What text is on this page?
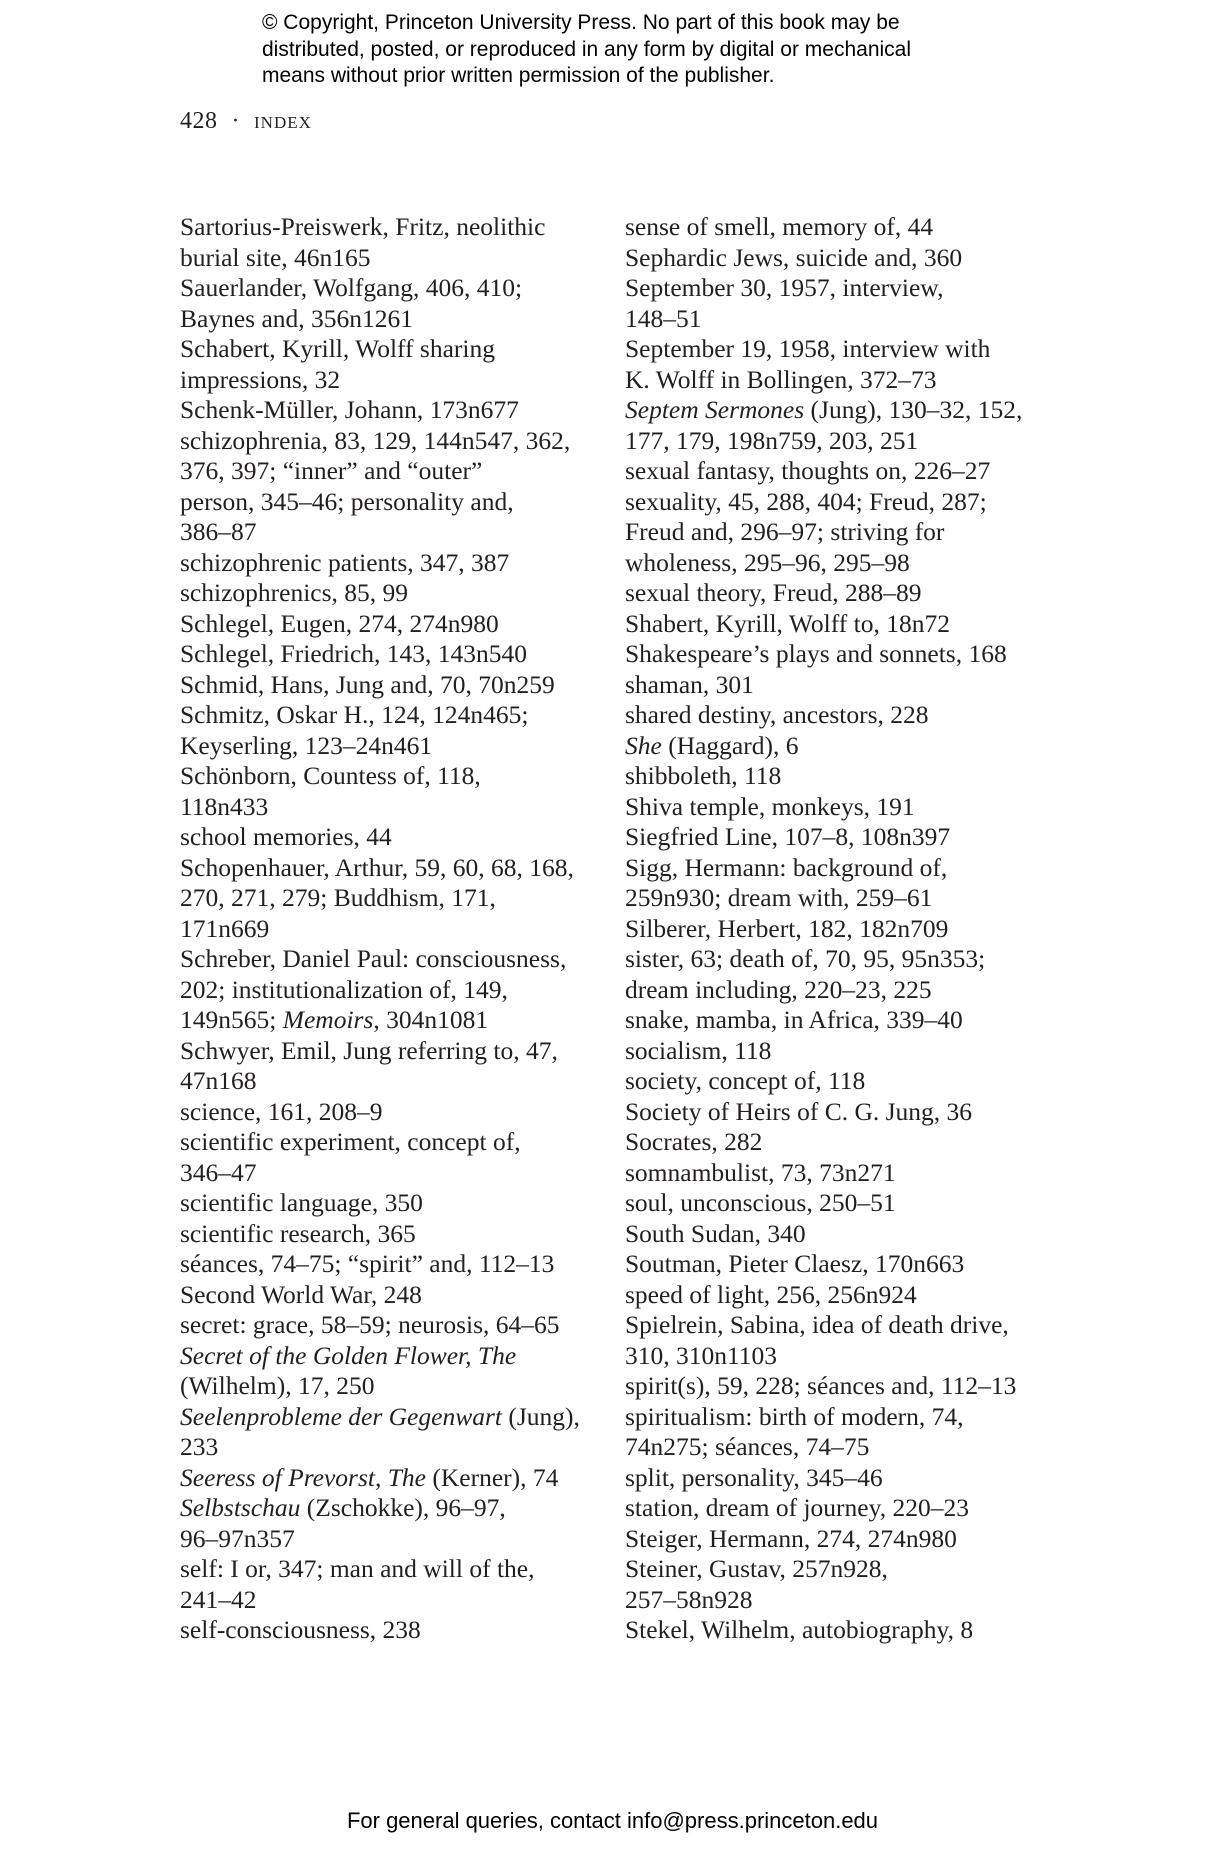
© Copyright, Princeton University Press. No part of this book may be
distributed, posted, or reproduced in any form by digital or mechanical
means without prior written permission of the publisher.
428 · index
Sartorius-Preiswerk, Fritz, neolithic
burial site, 46n165
Sauerlander, Wolfgang, 406, 410;
Baynes and, 356n1261
Schabert, Kyrill, Wolff sharing
impressions, 32
Schenk-Müller, Johann, 173n677
schizophrenia, 83, 129, 144n547, 362,
376, 397; “inner” and “outer”
person, 345–46; personality and,
386–87
schizophrenic patients, 347, 387
schizophrenics, 85, 99
Schlegel, Eugen, 274, 274n980
Schlegel, Friedrich, 143, 143n540
Schmid, Hans, Jung and, 70, 70n259
Schmitz, Oskar H., 124, 124n465;
Keyserling, 123–24n461
Schönborn, Countess of, 118,
118n433
school memories, 44
Schopenhauer, Arthur, 59, 60, 68, 168,
270, 271, 279; Buddhism, 171,
171n669
Schreber, Daniel Paul: consciousness,
202; institutionalization of, 149,
149n565; Memoirs, 304n1081
Schwyer, Emil, Jung referring to, 47,
47n168
science, 161, 208–9
scientific experiment, concept of,
346–47
scientific language, 350
scientific research, 365
séances, 74–75; “spirit” and, 112–13
Second World War, 248
secret: grace, 58–59; neurosis, 64–65
Secret of the Golden Flower, The
(Wilhelm), 17, 250
Seelenprobleme der Gegenwart (Jung),
233
Seeress of Prevorst, The (Kerner), 74
Selbstschau (Zschokke), 96–97,
96–97n357
self: I or, 347; man and will of the,
241–42
self-consciousness, 238
sense of smell, memory of, 44
Sephardic Jews, suicide and, 360
September 30, 1957, interview,
148–51
September 19, 1958, interview with
K. Wolff in Bollingen, 372–73
Septem Sermones (Jung), 130–32, 152,
177, 179, 198n759, 203, 251
sexual fantasy, thoughts on, 226–27
sexuality, 45, 288, 404; Freud, 287;
Freud and, 296–97; striving for
wholeness, 295–96, 295–98
sexual theory, Freud, 288–89
Shabert, Kyrill, Wolff to, 18n72
Shakespeare’s plays and sonnets, 168
shaman, 301
shared destiny, ancestors, 228
She (Haggard), 6
shibboleth, 118
Shiva temple, monkeys, 191
Siegfried Line, 107–8, 108n397
Sigg, Hermann: background of,
259n930; dream with, 259–61
Silberer, Herbert, 182, 182n709
sister, 63; death of, 70, 95, 95n353;
dream including, 220–23, 225
snake, mamba, in Africa, 339–40
socialism, 118
society, concept of, 118
Society of Heirs of C. G. Jung, 36
Socrates, 282
somnambulist, 73, 73n271
soul, unconscious, 250–51
South Sudan, 340
Soutman, Pieter Claesz, 170n663
speed of light, 256, 256n924
Spielrein, Sabina, idea of death drive,
310, 310n1103
spirit(s), 59, 228; séances and, 112–13
spiritualism: birth of modern, 74,
74n275; séances, 74–75
split, personality, 345–46
station, dream of journey, 220–23
Steiger, Hermann, 274, 274n980
Steiner, Gustav, 257n928,
257–58n928
Stekel, Wilhelm, autobiography, 8
For general queries, contact info@press.princeton.edu
